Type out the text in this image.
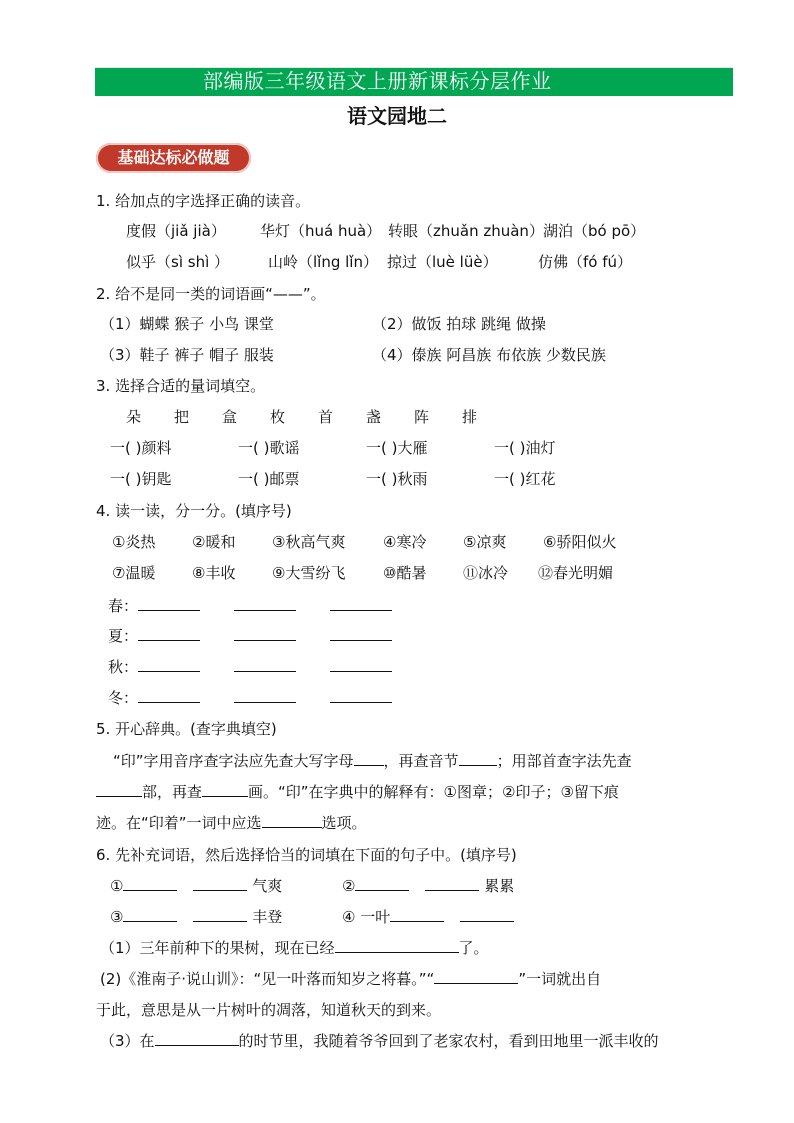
部编版三年级语文上册新课标分层作业
语文园地二
基础达标必做题
1. 给加点的字选择正确的读音。
度假（jiǎ jià） 华灯（huá huà） 转眼（zhuǎn zhuàn） 湖泊（bó pō）
似乎（sì shì ）	山岭（lǐng lǐn） 掠过（luè lüè）	仿佛（fó fú）
2. 给不是同一类的词语画“——”。
（1）蝴蝶 猴子 小鸟 课堂	（2）做饭 拍球 跳绳 做操
（3）鞋子 裤子 帽子 服装	（4）傣族 阿昌族 布依族 少数民族
3. 选择合适的量词填空。
朵 把 盒 枚 首 盏 阵 排
一( )颜料	一( )歌谣	一( )大雁	一( )油灯
一( )钥匙	一( )邮票	一( )秋雨	一( )红花
4. 读一读，分一分。(填序号)
①炎热 ②暖和 ③秋高气爽	④寒冷 ⑤凉爽 ⑥骄阳似火
⑦温暖 ⑧丰收 ⑨大雪纷飞	⑩酷暑 ⑪冰冷 ⑫春光明媚
春：
夏：
秋：
冬：
5. 开心辞典。(查字典填空)
“印”字用音序查字法应先查大写字母 ，再查音节	；用部首查字法先查
部，再查	画。“印”在字典中的解释有：①图章；②印子；③留下痕
迹。在“印着”一词中应选	选项。
6. 先补充词语，然后选择恰当的词填在下面的句子中。(填序号)
①	气爽	②	累累
③	丰登	④ 一叶
（1）三年前种下的果树，现在已经	了。
(2)《淮南子·说山训》：“见一叶落而知岁之将暮。”“	”一词就出自
于此，意思是从一片树叶的凋落，知道秋天的到来。
（3）在	的时节里，我随着爷爷回到了老家农村，看到田地里一派丰收的
